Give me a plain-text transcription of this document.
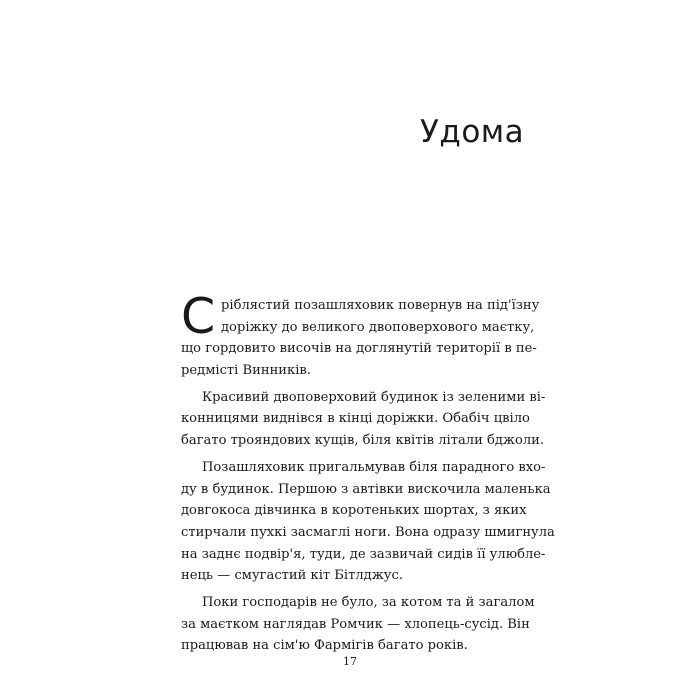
Удома
С ріблястий позашляховик повернув на під'їзну
доріжку до великого двоповерхового маєтку,
що гордовито височів на доглянутій території в пе-
редмісті Винників.
Красивий двоповерховий будинок із зеленими ві-
конницями виднівся в кінці доріжки. Обабіч цвіло
багато трояндових кущів, біля квітів літали бджоли.
Позашляховик пригальмував біля парадного вхо-
ду в будинок. Першою з автівки вискочила маленька
довгокоса дівчинка в коротеньких шортах, з яких
стирчали пухкі засмаглі ноги. Вона одразу шмигнула
на заднє подвір'я, туди, де зазвичай сидів її улюбле-
нець — смугастий кіт Бітлджус.
Поки господарів не було, за котом та й загалом
за маєтком наглядав Ромчик — хлопець-сусід. Він
працював на сім'ю Фармігів багато років.
17
